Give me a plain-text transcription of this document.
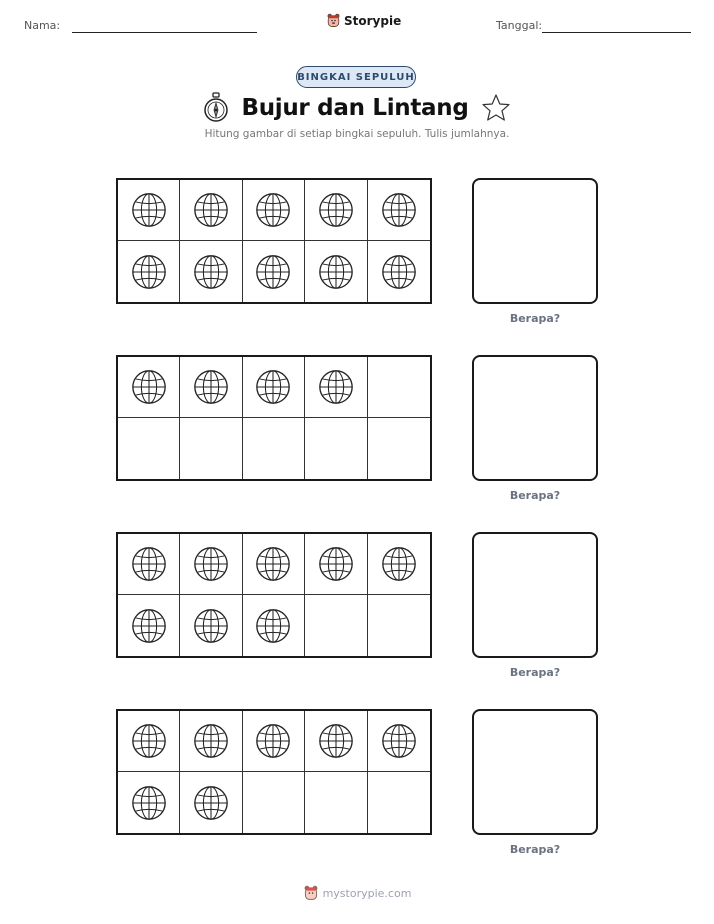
Nama:	Storypie	Tanggal:
BINGKAI SEPULUH
Bujur dan Lintang
Hitung gambar di setiap bingkai sepuluh. Tulis jumlahnya.
Berapa?
Berapa?
Berapa?
Berapa?
mystorypie.com
